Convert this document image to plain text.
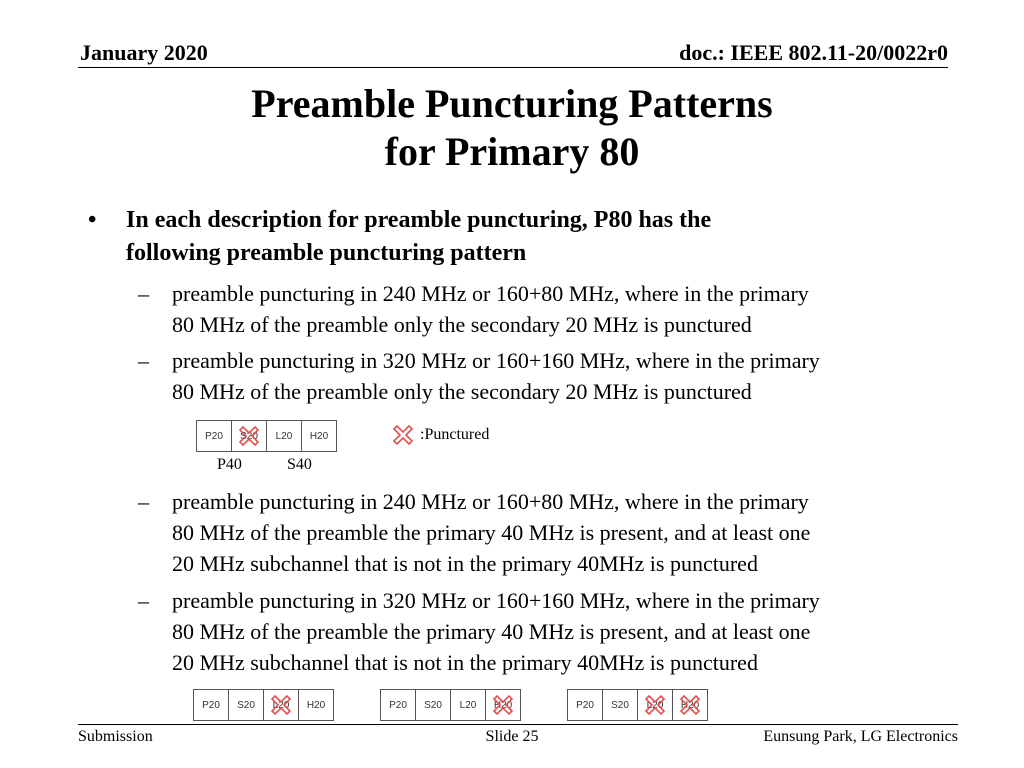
January 2020	doc.: IEEE 802.11-20/0022r0
Preamble Puncturing Patterns
for Primary 80
• In each description for preamble puncturing, P80 has the
following preamble puncturing pattern
– preamble puncturing in 240 MHz or 160+80 MHz, where in the primary
80 MHz of the preamble only the secondary 20 MHz is punctured
– preamble puncturing in 320 MHz or 160+160 MHz, where in the primary
80 MHz of the preamble only the secondary 20 MHz is punctured
P20 S20 L20 H20
P40	S40
:Punctured
– preamble puncturing in 240 MHz or 160+80 MHz, where in the primary
80 MHz of the preamble the primary 40 MHz is present, and at least one
20 MHz subchannel that is not in the primary 40MHz is punctured
– preamble puncturing in 320 MHz or 160+160 MHz, where in the primary
80 MHz of the preamble the primary 40 MHz is present, and at least one
20 MHz subchannel that is not in the primary 40MHz is punctured
P20 S20 L20 H20	P20 S20 L20 H20	P20 S20 L20 H20
Submission	Slide 25	Eunsung Park, LG Electronics
